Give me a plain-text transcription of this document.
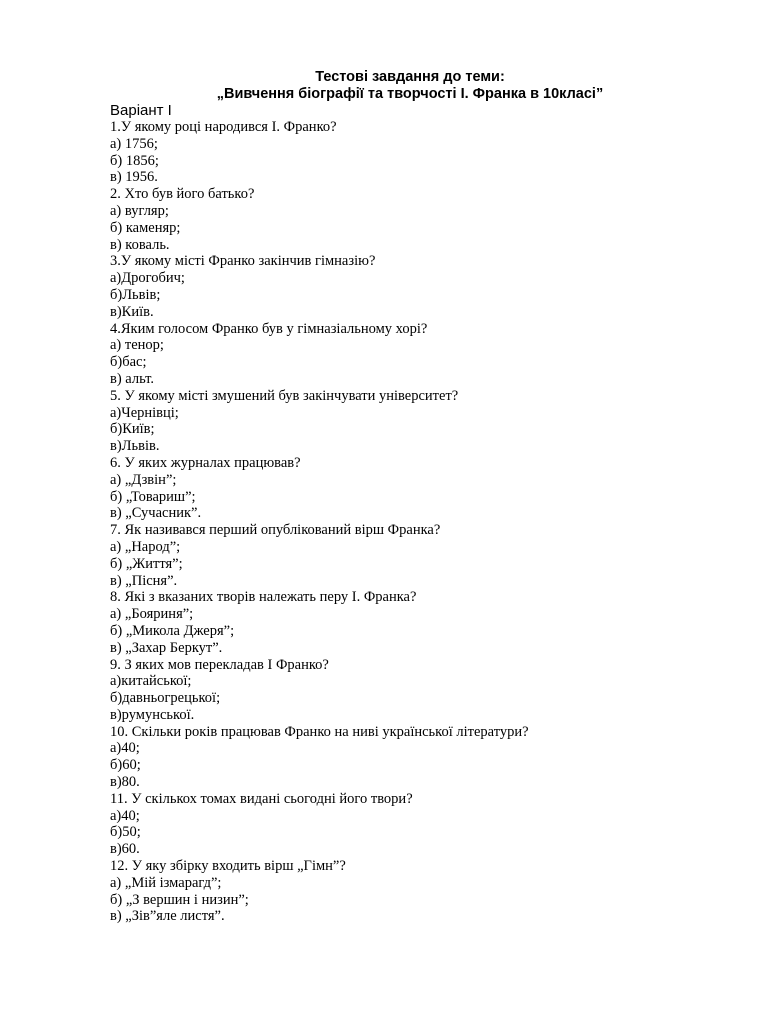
Тестові завдання до теми:
„Вивчення біографії та творчості І. Франка в 10класі”
Варіант І
1.У якому році народився І. Франко?
а) 1756;
б) 1856;
в) 1956.
2. Хто був його батько?
а) вугляр;
б) каменяр;
в) коваль.
3.У якому місті Франко закінчив гімназію?
а)Дрогобич;
б)Львів;
в)Київ.
4.Яким голосом Франко був у гімназіальному хорі?
а) тенор;
б)бас;
в) альт.
5. У якому місті змушений був закінчувати університет?
а)Чернівці;
б)Київ;
в)Львів.
6. У яких журналах працював?
а) „Дзвін”;
б) „Товариш”;
в) „Сучасник”.
7. Як називався перший опублікований вірш Франка?
а) „Народ”;
б) „Життя”;
в) „Пісня”.
8. Які з вказаних творів належать перу І. Франка?
а) „Бояриня”;
б) „Микола Джеря”;
в) „Захар Беркут”.
9. З яких мов перекладав І Франко?
а)китайської;
б)давньогрецької;
в)румунської.
10. Скільки років працював Франко на ниві української літератури?
а)40;
б)60;
в)80.
11. У скількох томах видані сьогодні його твори?
а)40;
б)50;
в)60.
12. У яку збірку входить вірш „Гімн”?
а) „Мій ізмарагд”;
б) „З вершин і низин”;
в) „Зів”яле листя”.
